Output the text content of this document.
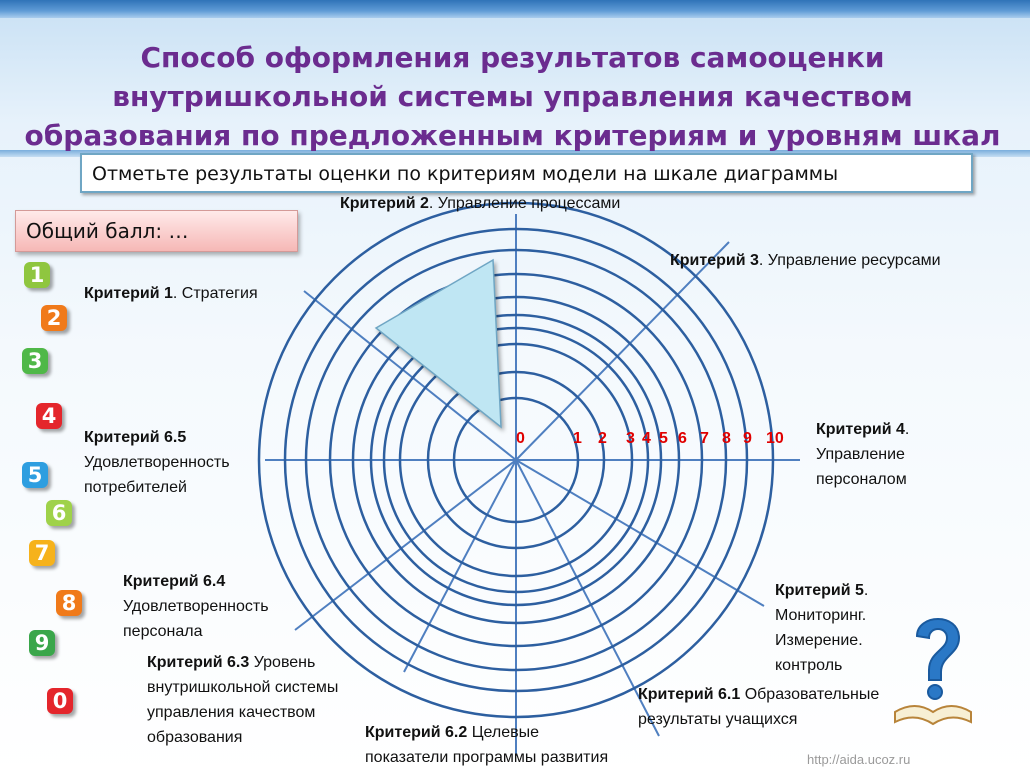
Способ оформления результатов самооценки
внутришкольной системы управления качеством
образования по предложенным критериям и уровням шкал
0	1 2 3 4 5 6 7 8 9 10
Отметьте результаты оценки по критериям модели на шкале диаграммы
Общий балл: …

Критерий 2. Управление процессами

Критерий 3. Управление ресурсами

Критерий 1. Стратегия

Критерий 4.
Управление
персоналом

Критерий 6.5
Удовлетворенность
потребителей

Критерий 6.4
Удовлетворенность
персонала

Критерий 5.
Мониторинг.
Измерение.
контроль

Критерий 6.3 Уровень
внутришкольной системы
управления качеством
образования

Критерий 6.1 Образовательные
результаты учащихся

Критерий 6.2 Целевые
показатели программы развития

1
2
3
4
5
6
7
8
9
0
http://aida.ucoz.ru
